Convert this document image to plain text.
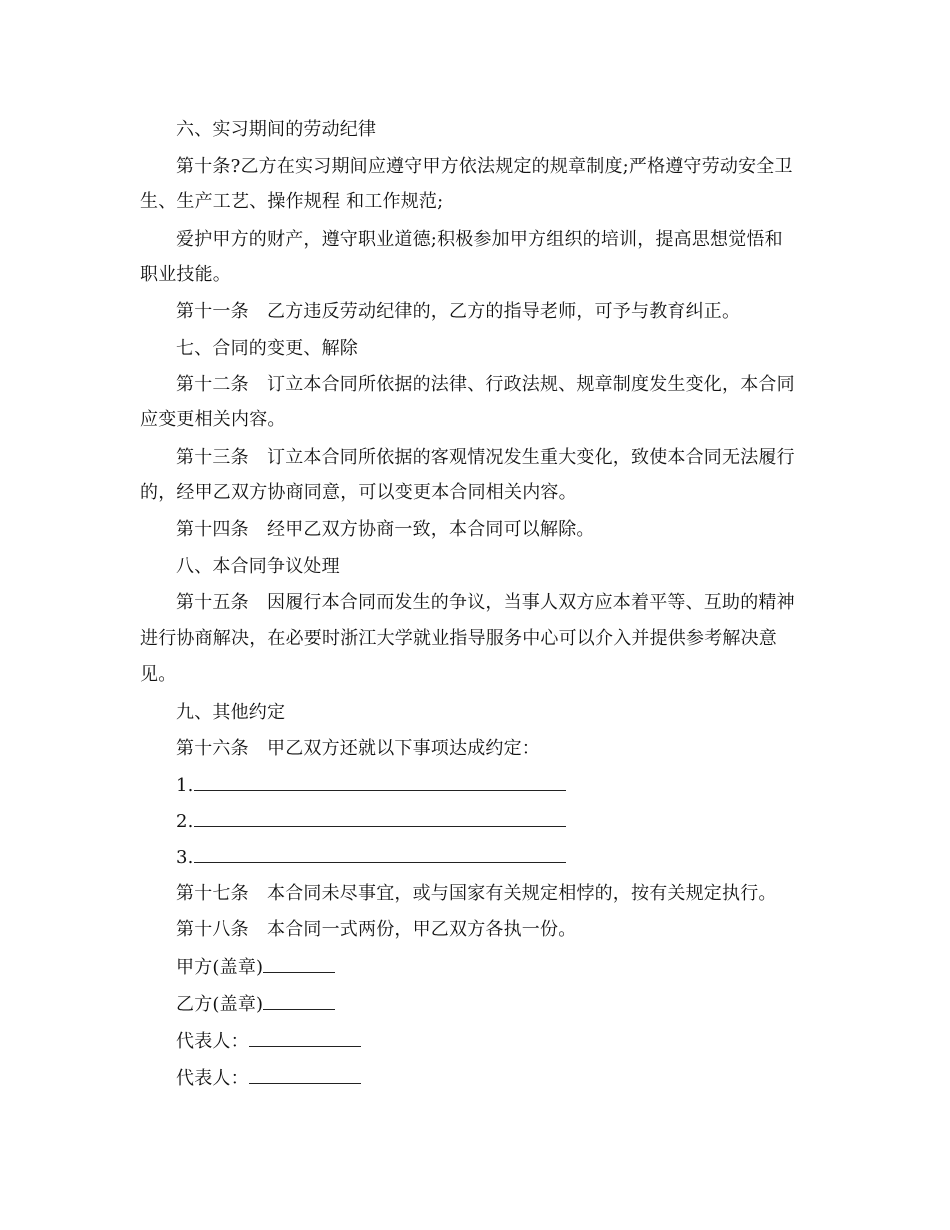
六、实习期间的劳动纪律
第十条?乙方在实习期间应遵守甲方依法规定的规章制度;严格遵守劳动安全卫
生、生产工艺、操作规程 和工作规范;
爱护甲方的财产，遵守职业道德;积极参加甲方组织的培训，提高思想觉悟和
职业技能。
第十一条　乙方违反劳动纪律的，乙方的指导老师，可予与教育纠正。
七、合同的变更、解除
第十二条　订立本合同所依据的法律、行政法规、规章制度发生变化，本合同
应变更相关内容。
第十三条　订立本合同所依据的客观情况发生重大变化，致使本合同无法履行
的，经甲乙双方协商同意，可以变更本合同相关内容。
第十四条　经甲乙双方协商一致，本合同可以解除。
八、本合同争议处理
第十五条　因履行本合同而发生的争议，当事人双方应本着平等、互助的精神
进行协商解决，在必要时浙江大学就业指导服务中心可以介入并提供参考解决意
见。
九、其他约定
第十六条　甲乙双方还就以下事项达成约定：
1.
2.
3.
第十七条　本合同未尽事宜，或与国家有关规定相悖的，按有关规定执行。
第十八条　本合同一式两份，甲乙双方各执一份。
甲方(盖章)
乙方(盖章)
代表人：
代表人：
